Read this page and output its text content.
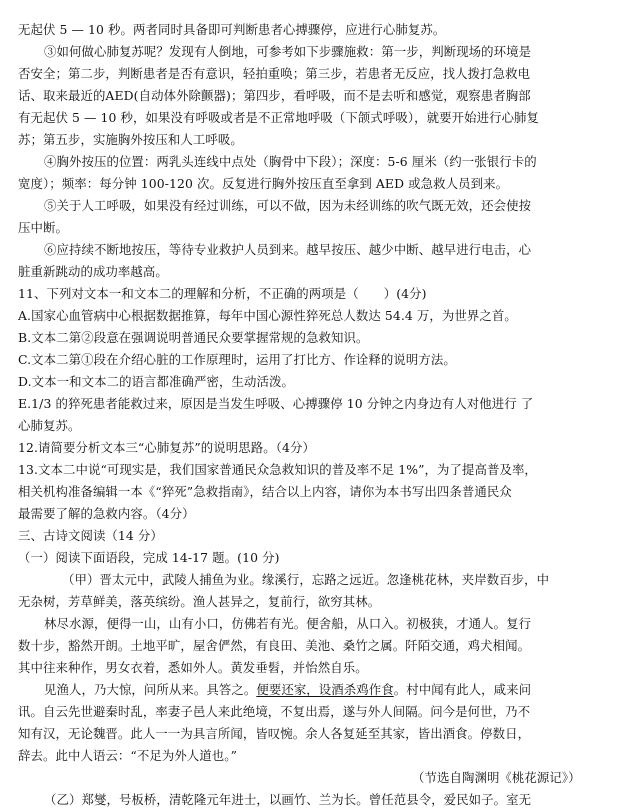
无起伏 5 — 10 秒。两者同时具备即可判断患者心搏骤停，应进行心肺复苏。
③如何做心肺复苏呢？发现有人倒地，可参考如下步骤施救：第一步，判断现场的环境是
否安全；第二步，判断患者是否有意识，轻拍重唤；第三步，若患者无反应，找人拨打急救电
话、取来最近的AED(自动体外除颤器)；第四步，看呼吸，而不是去听和感觉，观察患者胸部
有无起伏 5 — 10 秒，如果没有呼吸或者是不正常地呼吸（下颌式呼吸），就要开始进行心肺复
苏；第五步，实施胸外按压和人工呼吸。
④胸外按压的位置：两乳头连线中点处（胸骨中下段）；深度：5-6 厘米（约一张银行卡的
宽度）；频率：每分钟 100-120 次。反复进行胸外按压直至拿到 AED 或急救人员到来。
⑤关于人工呼吸，如果没有经过训练，可以不做，因为未经训练的吹气既无效，还会使按
压中断。
⑥应持续不断地按压，等待专业救护人员到来。越早按压、越少中断、越早进行电击，心
脏重新跳动的成功率越高。
11、下列对文本一和文本二的理解和分析，不正确的两项是（　　）(4分)
A.国家心血管病中心根据数据推算，每年中国心源性猝死总人数达 54.4 万，为世界之首。
B.文本二第②段意在强调说明普通民众要掌握常规的急救知识。
C.文本二第①段在介绍心脏的工作原理时，运用了打比方、作诠释的说明方法。
D.文本一和文本二的语言都准确严密，生动活泼。
E.1/3 的猝死患者能救过来，原因是当发生呼吸、心搏骤停 10 分钟之内身边有人对他进行 了
心肺复苏。
12.请简要分析文本三“心肺复苏”的说明思路。（4分）
13.文本二中说“可现实是，我们国家普通民众急救知识的普及率不足 1%”，为了提高普及率，
相关机构准备编辑一本《“猝死”急救指南》，结合以上内容，请你为本书写出四条普通民众
最需要了解的急救内容。（4分）
三、古诗文阅读（14 分）
（一）阅读下面语段，完成 14-17 题。(10 分)
（甲）晋太元中，武陵人捕鱼为业。缘溪行，忘路之远近。忽逢桃花林，夹岸数百步，中
无杂树，芳草鲜美，落英缤纷。渔人甚异之，复前行，欲穷其林。
林尽水源，便得一山，山有小口，仿佛若有光。便舍船，从口入。初极狭，才通人。复行
数十步，豁然开朗。土地平旷，屋舍俨然，有良田、美池、桑竹之属。阡陌交通，鸡犬相闻。
其中往来种作，男女衣着，悉如外人。黄发垂髫，并怡然自乐。
见渔人，乃大惊，问所从来。具答之。便要还家，设酒杀鸡作食。村中闻有此人，咸来问
讯。自云先世避秦时乱，率妻子邑人来此绝境，不复出焉，遂与外人间隔。问今是何世，乃不
知有汉，无论魏晋。此人一一为具言所闻，皆叹惋。余人各复延至其家，皆出酒食。停数日，
辞去。此中人语云：“不足为外人道也。”
（节选自陶渊明《桃花源记》）
（乙）郑燮，号板桥，清乾隆元年进士，以画竹、兰为长。曾任范县令，爱民如子。室无
